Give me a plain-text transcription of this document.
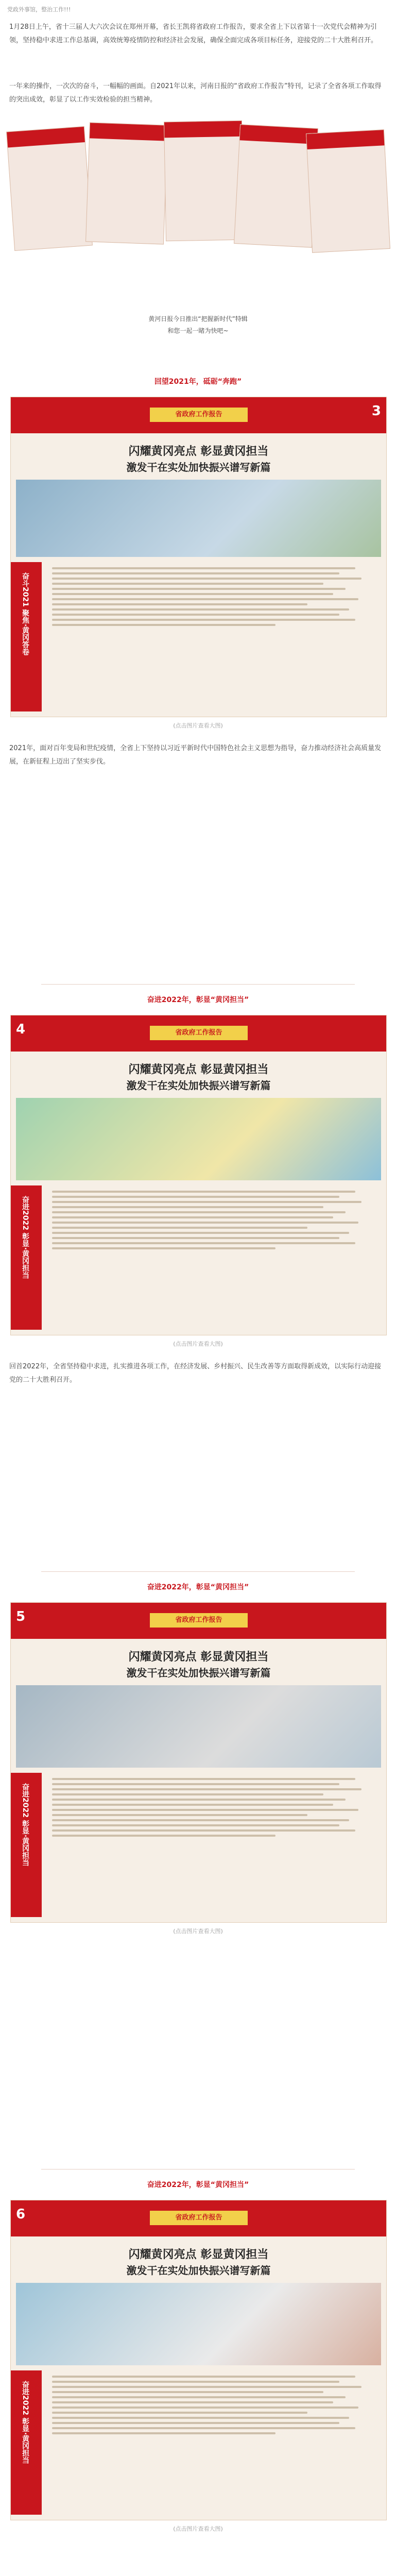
党政外事馆，整治工作!!!
1月28日上午，省十三届人大六次会议在郑州开幕，省长王凯将省政府工作报告，要求全省上下以省第十一次党代会精神为引领，坚持稳中求进工作总基调，高效统筹疫情防控和经济社会发展，确保全面完成各项目标任务，迎接党的二十大胜利召开。
一年来的操作，一次次的奋斗，一幅幅的画面。自2021年以来，河南日报的“省政府工作报告”特刊，记录了全省各项工作取得的突出成效，彰显了以工作实效检验的担当精神。
黄河日报今日推出“把握新时代”特辑
和您一起一睹为快吧~
回望2021年，砥砺“奔跑”
省政府工作报告	3
闪耀黄冈亮点 彰显黄冈担当
激发干在实处加快振兴谱写新篇
奋斗2021 聚焦·黄冈答卷
(点击图片查看大图)
2021年，面对百年变局和世纪疫情，全省上下坚持以习近平新时代中国特色社会主义思想为指导，奋力推动经济社会高质量发展，在新征程上迈出了坚实步伐。
奋进2022年，彰显“黄冈担当”
4	省政府工作报告
闪耀黄冈亮点 彰显黄冈担当
激发干在实处加快振兴谱写新篇
奋进2022 彰显·黄冈担当
(点击图片查看大图)
回首2022年，全省坚持稳中求进，扎实推进各项工作，在经济发展、乡村振兴、民生改善等方面取得新成效，以实际行动迎接党的二十大胜利召开。
奋进2022年，彰显“黄冈担当”
5	省政府工作报告
闪耀黄冈亮点 彰显黄冈担当
激发干在实处加快振兴谱写新篇
奋进2022 彰显·黄冈担当
(点击图片查看大图)
奋进2022年，彰显“黄冈担当”
6	省政府工作报告
闪耀黄冈亮点 彰显黄冈担当
激发干在实处加快振兴谱写新篇
奋进2022 彰显·黄冈担当
(点击图片查看大图)
